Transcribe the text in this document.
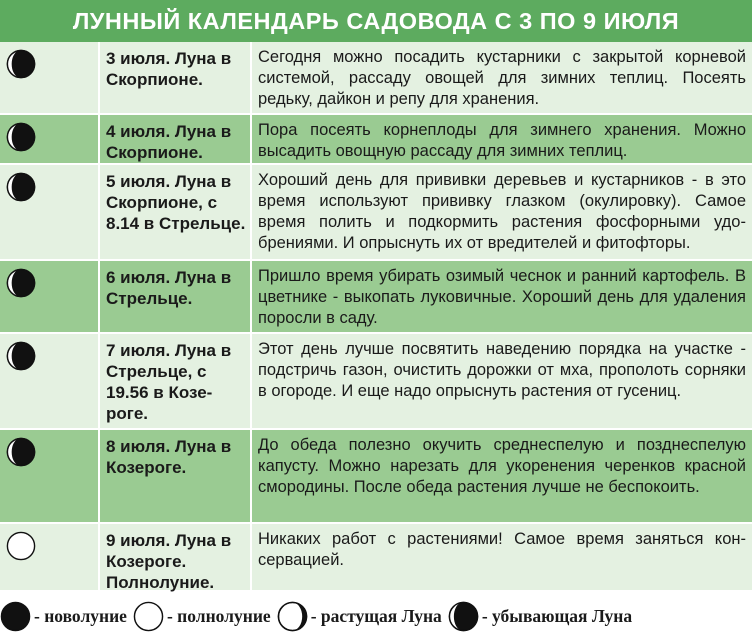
ЛУННЫЙ КАЛЕНДАРЬ САДОВОДА С 3 ПО 9 ИЮЛЯ
3 июля. Луна в Скорпионе.
Сегодня можно посадить кустарники с закрытой корневой системой, рассаду овощей для зимних теплиц. Посеять редьку, дайкон и репу для хранения.
4 июля. Луна в Скорпионе.
Пора посеять корнеплоды для зимнего хранения. Можно высадить овощную рассаду для зимних теплиц.
5 июля. Луна в Скорпионе, с 8.14 в Стрельце.
Хороший день для прививки деревьев и кустарников - в это время используют прививку глазком (окулировку). Самое время полить и подкормить растения фосфорными удобрениями. И опрыснуть их от вредителей и фитофторы.
6 июля. Луна в Стрельце.
Пришло время убирать озимый чеснок и ранний картофель. В цветнике - выкопать луковичные. Хороший день для удаления поросли в саду.
7 июля. Луна в Стрельце, с 19.56 в Козероге.
Этот день лучше посвятить наведению порядка на участке - подстричь газон, очистить дорожки от мха, прополоть сорняки в огороде. И еще надо опрыснуть растения от гусениц.
8 июля. Луна в Козероге.
До обеда полезно окучить среднеспелую и позднеспелую капусту. Можно нарезать для укоренения черенков красной смородины. После обеда растения лучше не беспокоить.
9 июля. Луна в Козероге. Полнолуние.
Никаких работ с растениями! Самое время заняться консервацией.
- новолуние - полнолуние - растущая Луна - убывающая Луна
